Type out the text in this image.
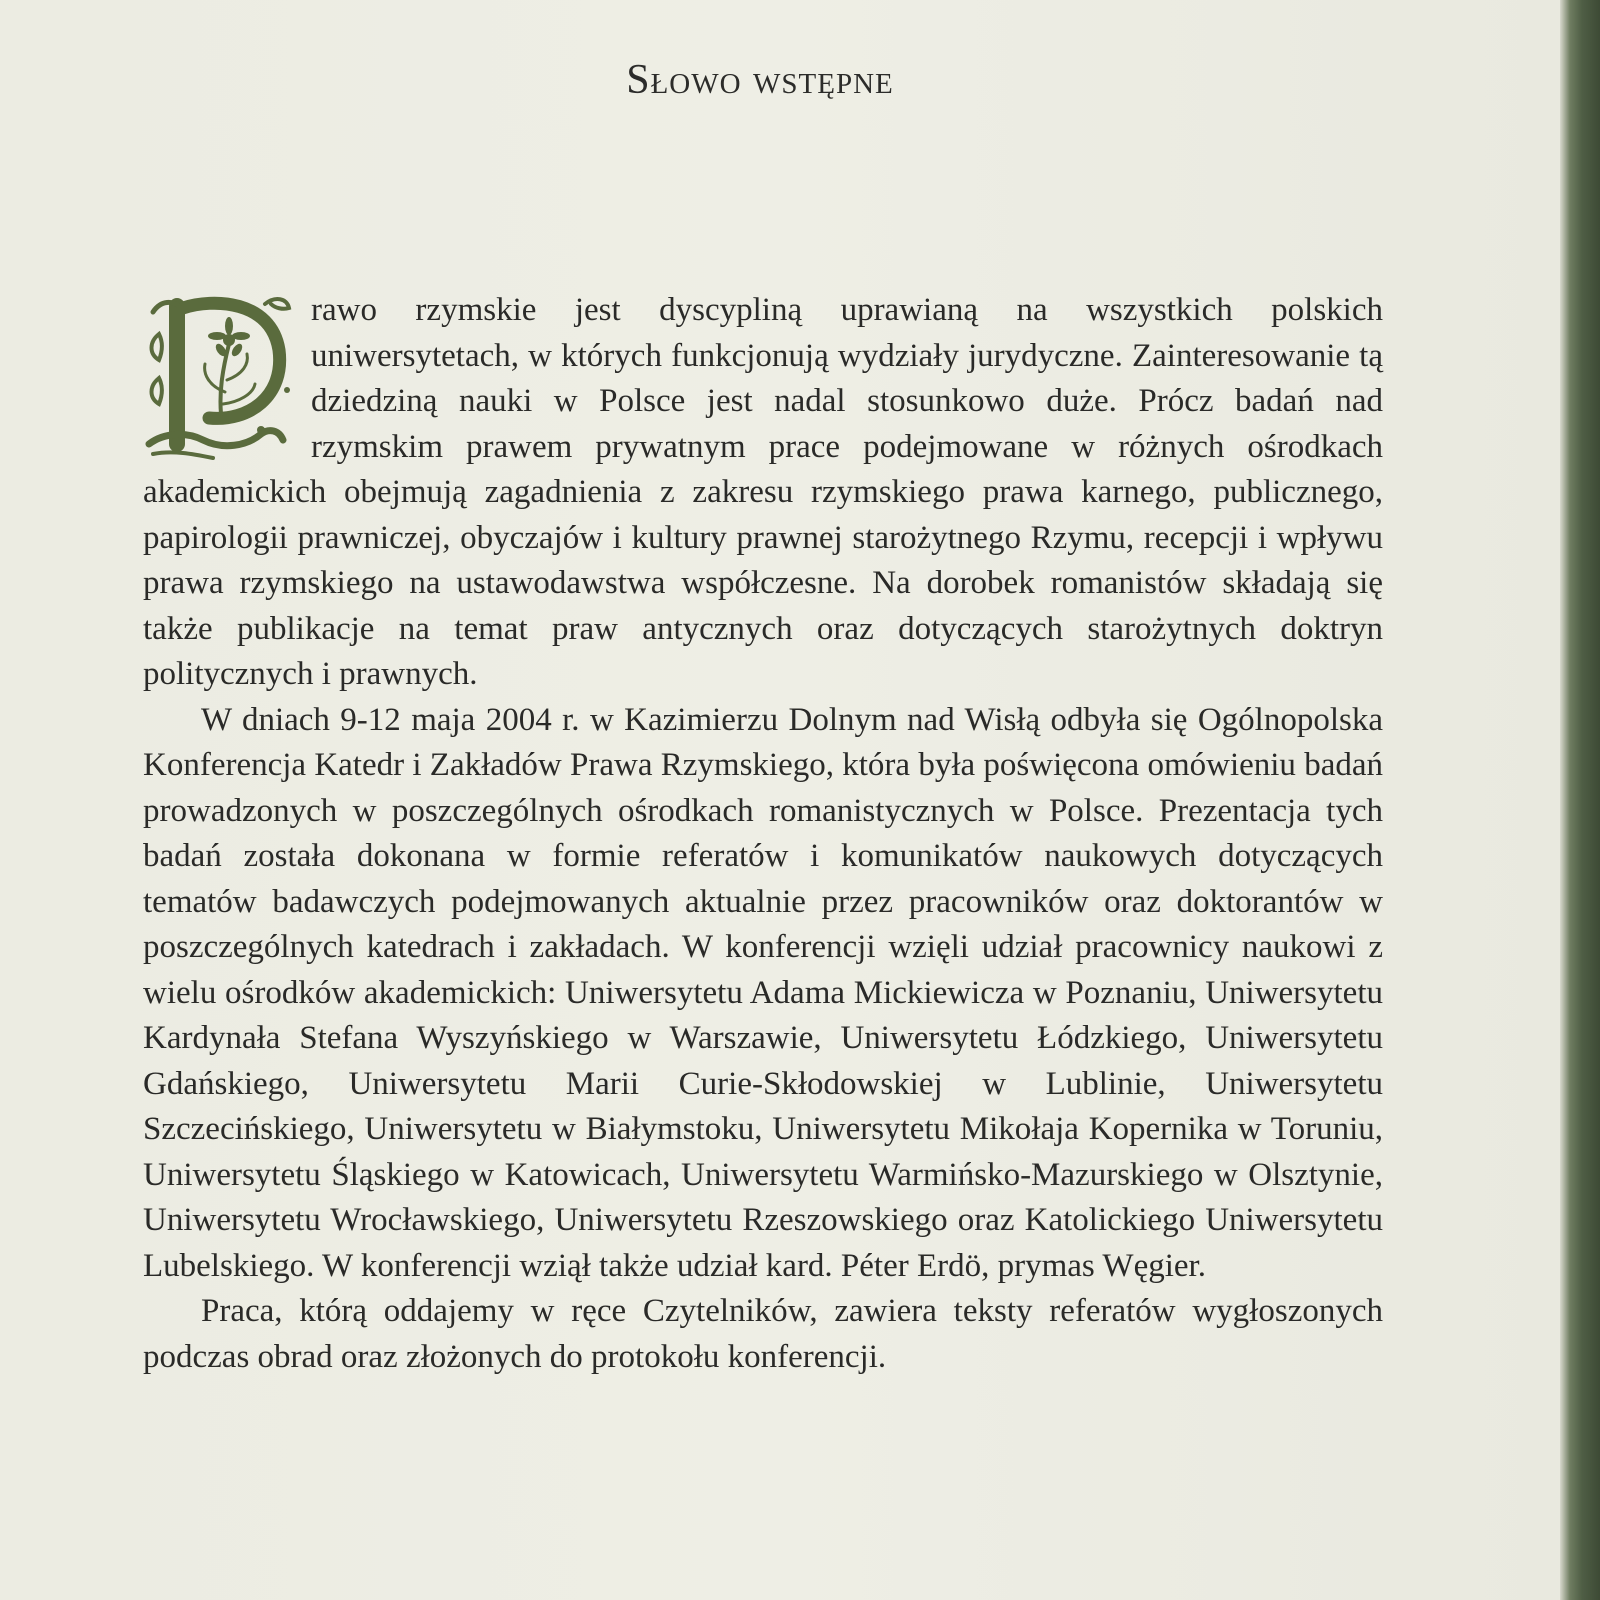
Słowo wstępne

rawo rzymskie jest dyscypliną uprawianą na wszystkich polskich uniwersytetach, w których funkcjonują wydziały jurydyczne. Zainteresowanie tą dziedziną nauki w Polsce jest nadal stosunkowo duże. Prócz badań nad rzymskim prawem prywatnym prace podejmowane w różnych ośrodkach akademickich obejmują zagadnienia z zakresu rzymskiego prawa karnego, publicznego, papirologii prawniczej, obyczajów i kultury prawnej starożytnego Rzymu, recepcji i wpływu prawa rzymskiego na ustawodawstwa współczesne. Na dorobek romanistów składają się także publikacje na temat praw antycznych oraz dotyczących starożytnych doktryn politycznych i prawnych.

W dniach 9-12 maja 2004 r. w Kazimierzu Dolnym nad Wisłą odbyła się Ogólnopolska Konferencja Katedr i Zakładów Prawa Rzymskiego, która była poświęcona omówieniu badań prowadzonych w poszczególnych ośrodkach romanistycznych w Polsce. Prezentacja tych badań została dokonana w formie referatów i komunikatów naukowych dotyczących tematów badawczych podejmowanych aktualnie przez pracowników oraz doktorantów w poszczególnych katedrach i zakładach. W konferencji wzięli udział pracownicy naukowi z wielu ośrodków akademickich: Uniwersytetu Adama Mickiewicza w Poznaniu, Uniwersytetu Kardynała Stefana Wyszyńskiego w Warszawie, Uniwersytetu Łódzkiego, Uniwersytetu Gdańskiego, Uniwersytetu Marii Curie-Skłodowskiej w Lublinie, Uniwersytetu Szczecińskiego, Uniwersytetu w Białymstoku, Uniwersytetu Mikołaja Kopernika w Toruniu, Uniwersytetu Śląskiego w Katowicach, Uniwersytetu Warmińsko-Mazurskiego w Olsztynie, Uniwersytetu Wrocławskiego, Uniwersytetu Rzeszowskiego oraz Katolickiego Uniwersytetu Lubelskiego. W konferencji wziął także udział kard. Péter Erdö, prymas Węgier.

Praca, którą oddajemy w ręce Czytelników, zawiera teksty referatów wygłoszonych podczas obrad oraz złożonych do protokołu konferencji.
